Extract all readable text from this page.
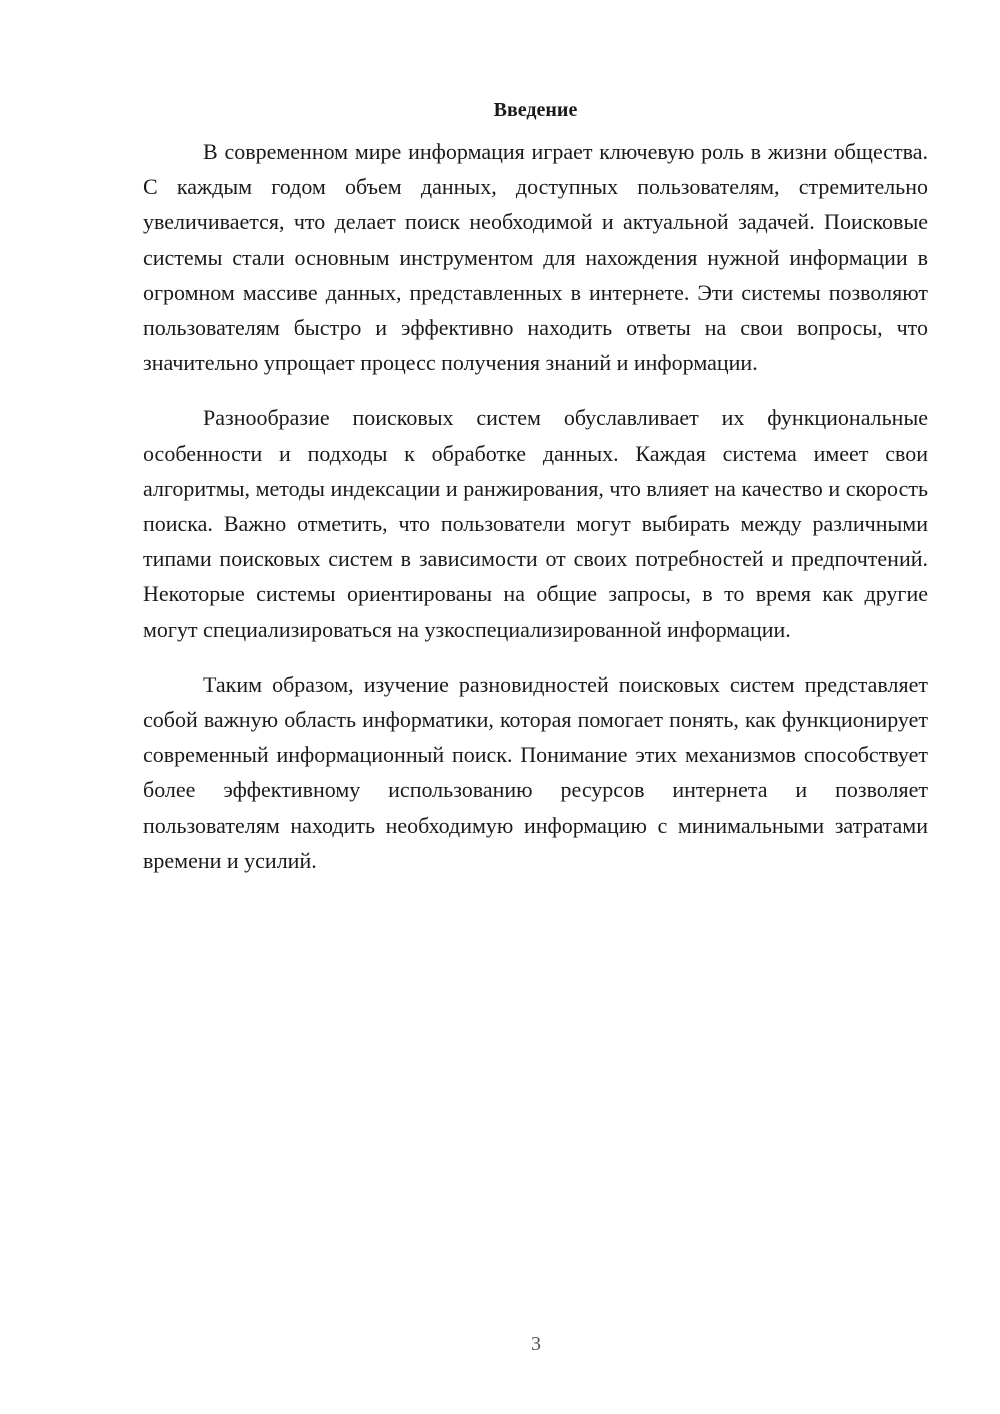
Введение

В современном мире информация играет ключевую роль в жизни общества. С каждым годом объем данных, доступных пользователям, стремительно увеличивается, что делает поиск необходимой и актуальной задачей. Поисковые системы стали основным инструментом для нахождения нужной информации в огромном массиве данных, представленных в интернете. Эти системы позволяют пользователям быстро и эффективно находить ответы на свои вопросы, что значительно упрощает процесс получения знаний и информации.

Разнообразие поисковых систем обуславливает их функциональные особенности и подходы к обработке данных. Каждая система имеет свои алгоритмы, методы индексации и ранжирования, что влияет на качество и скорость поиска. Важно отметить, что пользователи могут выбирать между различными типами поисковых систем в зависимости от своих потребностей и предпочтений. Некоторые системы ориентированы на общие запросы, в то время как другие могут специализироваться на узкоспециализированной информации.

Таким образом, изучение разновидностей поисковых систем представляет собой важную область информатики, которая помогает понять, как функционирует современный информационный поиск. Понимание этих механизмов способствует более эффективному использованию ресурсов интернета и позволяет пользователям находить необходимую информацию с минимальными затратами времени и усилий.

3
